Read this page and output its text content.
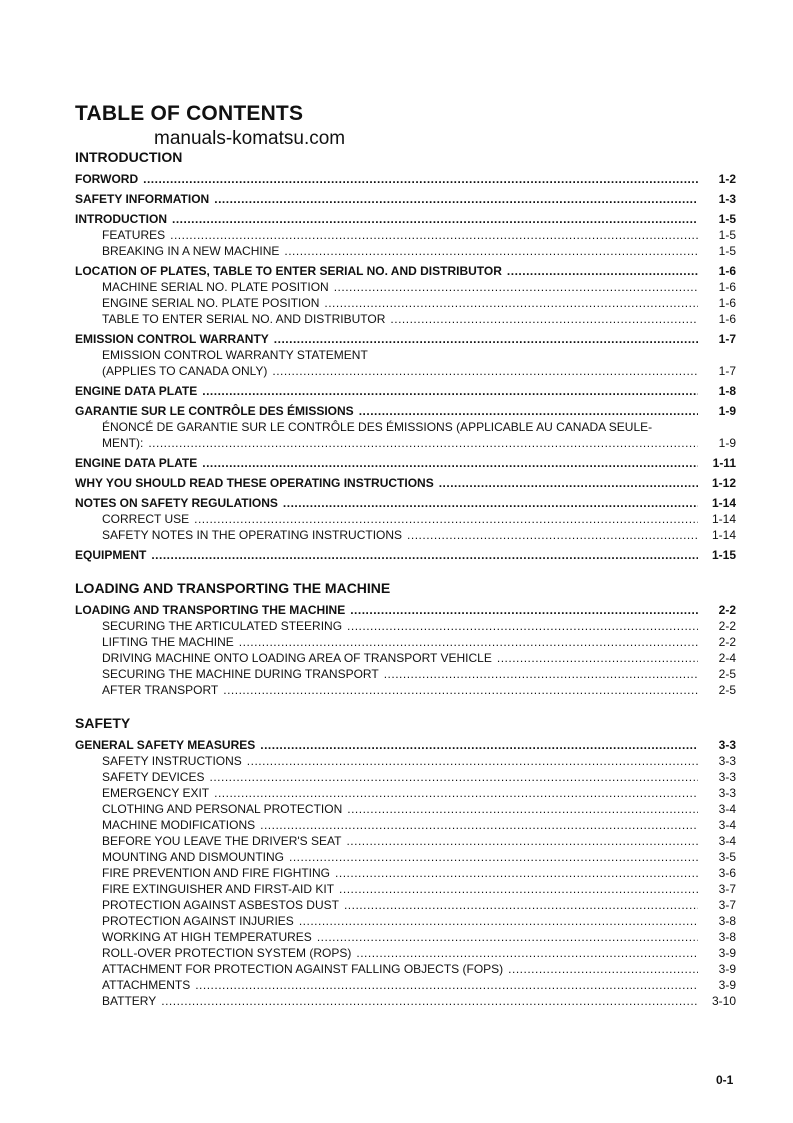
TABLE OF CONTENTS
manuals-komatsu.com
INTRODUCTION
FORWORD .....	1-2
SAFETY INFORMATION .....	1-3
INTRODUCTION .....	1-5
FEATURES .....	1-5
BREAKING IN A NEW MACHINE .....	1-5
LOCATION OF PLATES, TABLE TO ENTER SERIAL NO. AND DISTRIBUTOR .....	1-6
MACHINE SERIAL NO. PLATE POSITION .....	1-6
ENGINE SERIAL NO. PLATE POSITION .....	1-6
TABLE TO ENTER SERIAL NO. AND DISTRIBUTOR .....	1-6
EMISSION CONTROL WARRANTY .....	1-7
EMISSION CONTROL WARRANTY STATEMENT
(APPLIES TO CANADA ONLY) .....	1-7
ENGINE DATA PLATE .....	1-8
GARANTIE SUR LE CONTRÔLE DES ÉMISSIONS .....	1-9
ÉNONCÉ DE GARANTIE SUR LE CONTRÔLE DES ÉMISSIONS (APPLICABLE AU CANADA SEULE-
MENT): .....	1-9
ENGINE DATA PLATE .....	1-11
WHY YOU SHOULD READ THESE OPERATING INSTRUCTIONS .....	1-12
NOTES ON SAFETY REGULATIONS .....	1-14
CORRECT USE .....	1-14
SAFETY NOTES IN THE OPERATING INSTRUCTIONS .....	1-14
EQUIPMENT .....	1-15
LOADING AND TRANSPORTING THE MACHINE
LOADING AND TRANSPORTING THE MACHINE .....	2-2
SECURING THE ARTICULATED STEERING .....	2-2
LIFTING THE MACHINE .....	2-2
DRIVING MACHINE ONTO LOADING AREA OF TRANSPORT VEHICLE .....	2-4
SECURING THE MACHINE DURING TRANSPORT .....	2-5
AFTER TRANSPORT .....	2-5
SAFETY
GENERAL SAFETY MEASURES .....	3-3
SAFETY INSTRUCTIONS .....	3-3
SAFETY DEVICES .....	3-3
EMERGENCY EXIT .....	3-3
CLOTHING AND PERSONAL PROTECTION .....	3-4
MACHINE MODIFICATIONS .....	3-4
BEFORE YOU LEAVE THE DRIVER'S SEAT .....	3-4
MOUNTING AND DISMOUNTING .....	3-5
FIRE PREVENTION AND FIRE FIGHTING .....	3-6
FIRE EXTINGUISHER AND FIRST-AID KIT .....	3-7
PROTECTION AGAINST ASBESTOS DUST .....	3-7
PROTECTION AGAINST INJURIES .....	3-8
WORKING AT HIGH TEMPERATURES .....	3-8
ROLL-OVER PROTECTION SYSTEM (ROPS) .....	3-9
ATTACHMENT FOR PROTECTION AGAINST FALLING OBJECTS (FOPS) .....	3-9
ATTACHMENTS .....	3-9
BATTERY .....	3-10
0-1
